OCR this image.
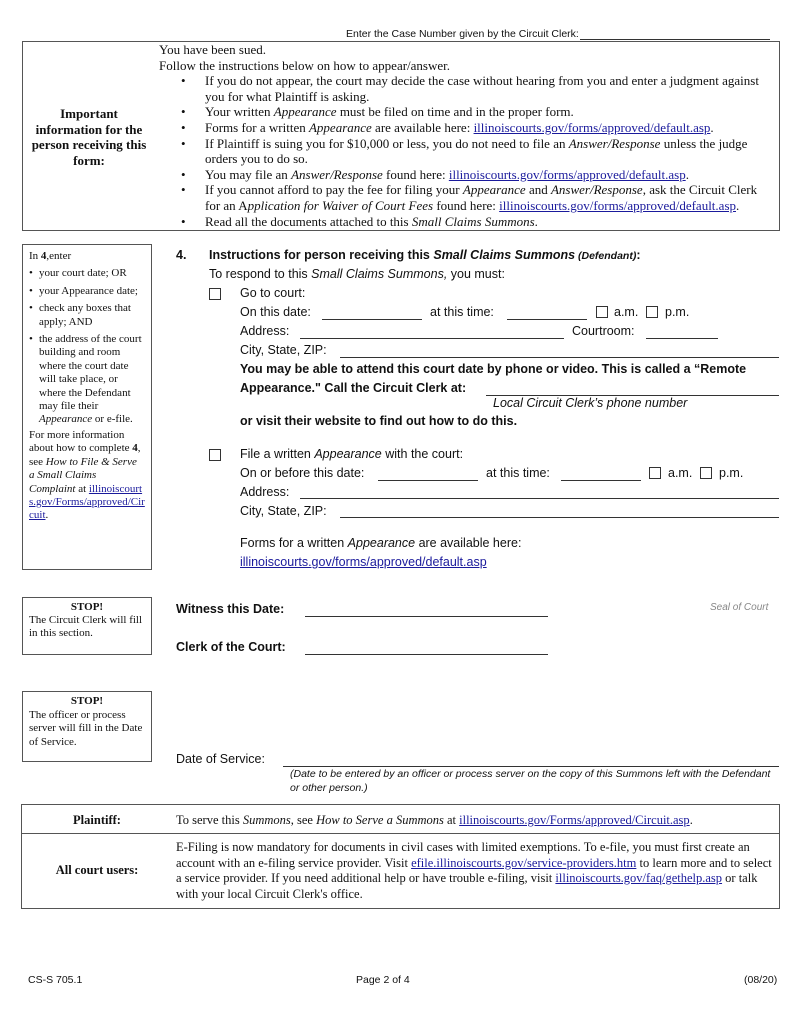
Enter the Case Number given by the Circuit Clerk:
Important information for the person receiving this form:
You have been sued.
Follow the instructions below on how to appear/answer.
• If you do not appear, the court may decide the case without hearing from you and enter a judgment against you for what Plaintiff is asking.
• Your written Appearance must be filed on time and in the proper form.
• Forms for a written Appearance are available here: illinoiscourts.gov/forms/approved/default.asp.
• If Plaintiff is suing you for $10,000 or less, you do not need to file an Answer/Response unless the judge orders you to do so.
• You may file an Answer/Response found here: illinoiscourts.gov/forms/approved/default.asp.
• If you cannot afford to pay the fee for filing your Appearance and Answer/Response, ask the Circuit Clerk for an Application for Waiver of Court Fees found here: illinoiscourts.gov/forms/approved/default.asp.
• Read all the documents attached to this Small Claims Summons.
In 4,enter
• your court date; OR
• your Appearance date;
• check any boxes that apply; AND
• the address of the court building and room where the court date will take place, or where the Defendant may file their Appearance or e-file.
For more information about how to complete 4, see How to File & Serve a Small Claims Complaint at illinoiscourts.gov/Forms/approved/Circuit.
4. Instructions for person receiving this Small Claims Summons (Defendant):
To respond to this Small Claims Summons, you must:
Go to court:
On this date:	at this time:	a.m. p.m.
Address:	Courtroom:
City, State, ZIP:
You may be able to attend this court date by phone or video. This is called a “Remote
Appearance." Call the Circuit Clerk at:
Local Circuit Clerk’s phone number
or visit their website to find out how to do this.
File a written Appearance with the court:
On or before this date:	at this time:	a.m. p.m.
Address:
City, State, ZIP:
Forms for a written Appearance are available here:
illinoiscourts.gov/forms/approved/default.asp
STOP!
The Circuit Clerk will fill in this section.
Witness this Date:
Clerk of the Court:
Seal of Court
STOP!
The officer or process server will fill in the Date of Service.
Date of Service:
(Date to be entered by an officer or process server on the copy of this Summons left with the Defendant or other person.)
Plaintiff:	To serve this Summons, see How to Serve a Summons at illinoiscourts.gov/Forms/approved/Circuit.asp.
All court users:
E-Filing is now mandatory for documents in civil cases with limited exemptions. To e-file, you must first create an account with an e-filing service provider. Visit efile.illinoiscourts.gov/service-providers.htm to learn more and to select a service provider. If you need additional help or have trouble e-filing, visit illinoiscourts.gov/faq/gethelp.asp or talk with your local Circuit Clerk's office.
CS-S 705.1	Page 2 of 4	(08/20)
